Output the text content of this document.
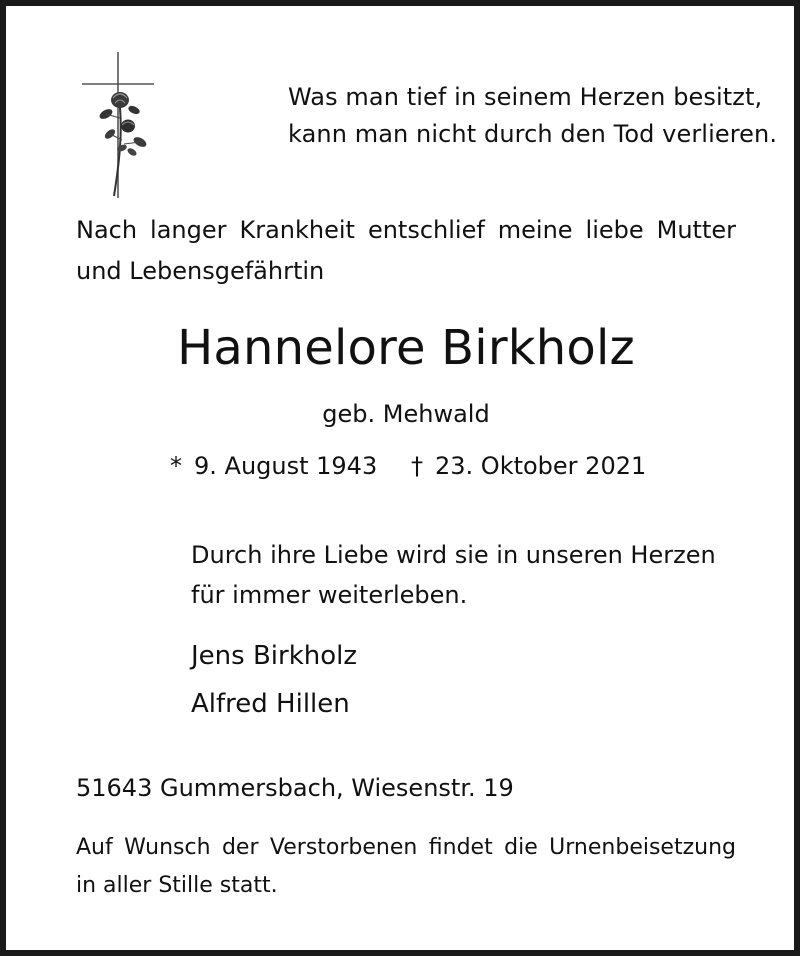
Was man tief in seinem Herzen besitzt,
kann man nicht durch den Tod verlieren.
Nach langer Krankheit entschlief meine liebe Mutter
und Lebensgefährtin
Hannelore Birkholz
geb. Mehwald
* 9. August 1943 † 23. Oktober 2021
Durch ihre Liebe wird sie in unseren Herzen
für immer weiterleben.
Jens Birkholz
Alfred Hillen
51643 Gummersbach, Wiesenstr. 19
Auf Wunsch der Verstorbenen findet die Urnenbeisetzung
in aller Stille statt.
